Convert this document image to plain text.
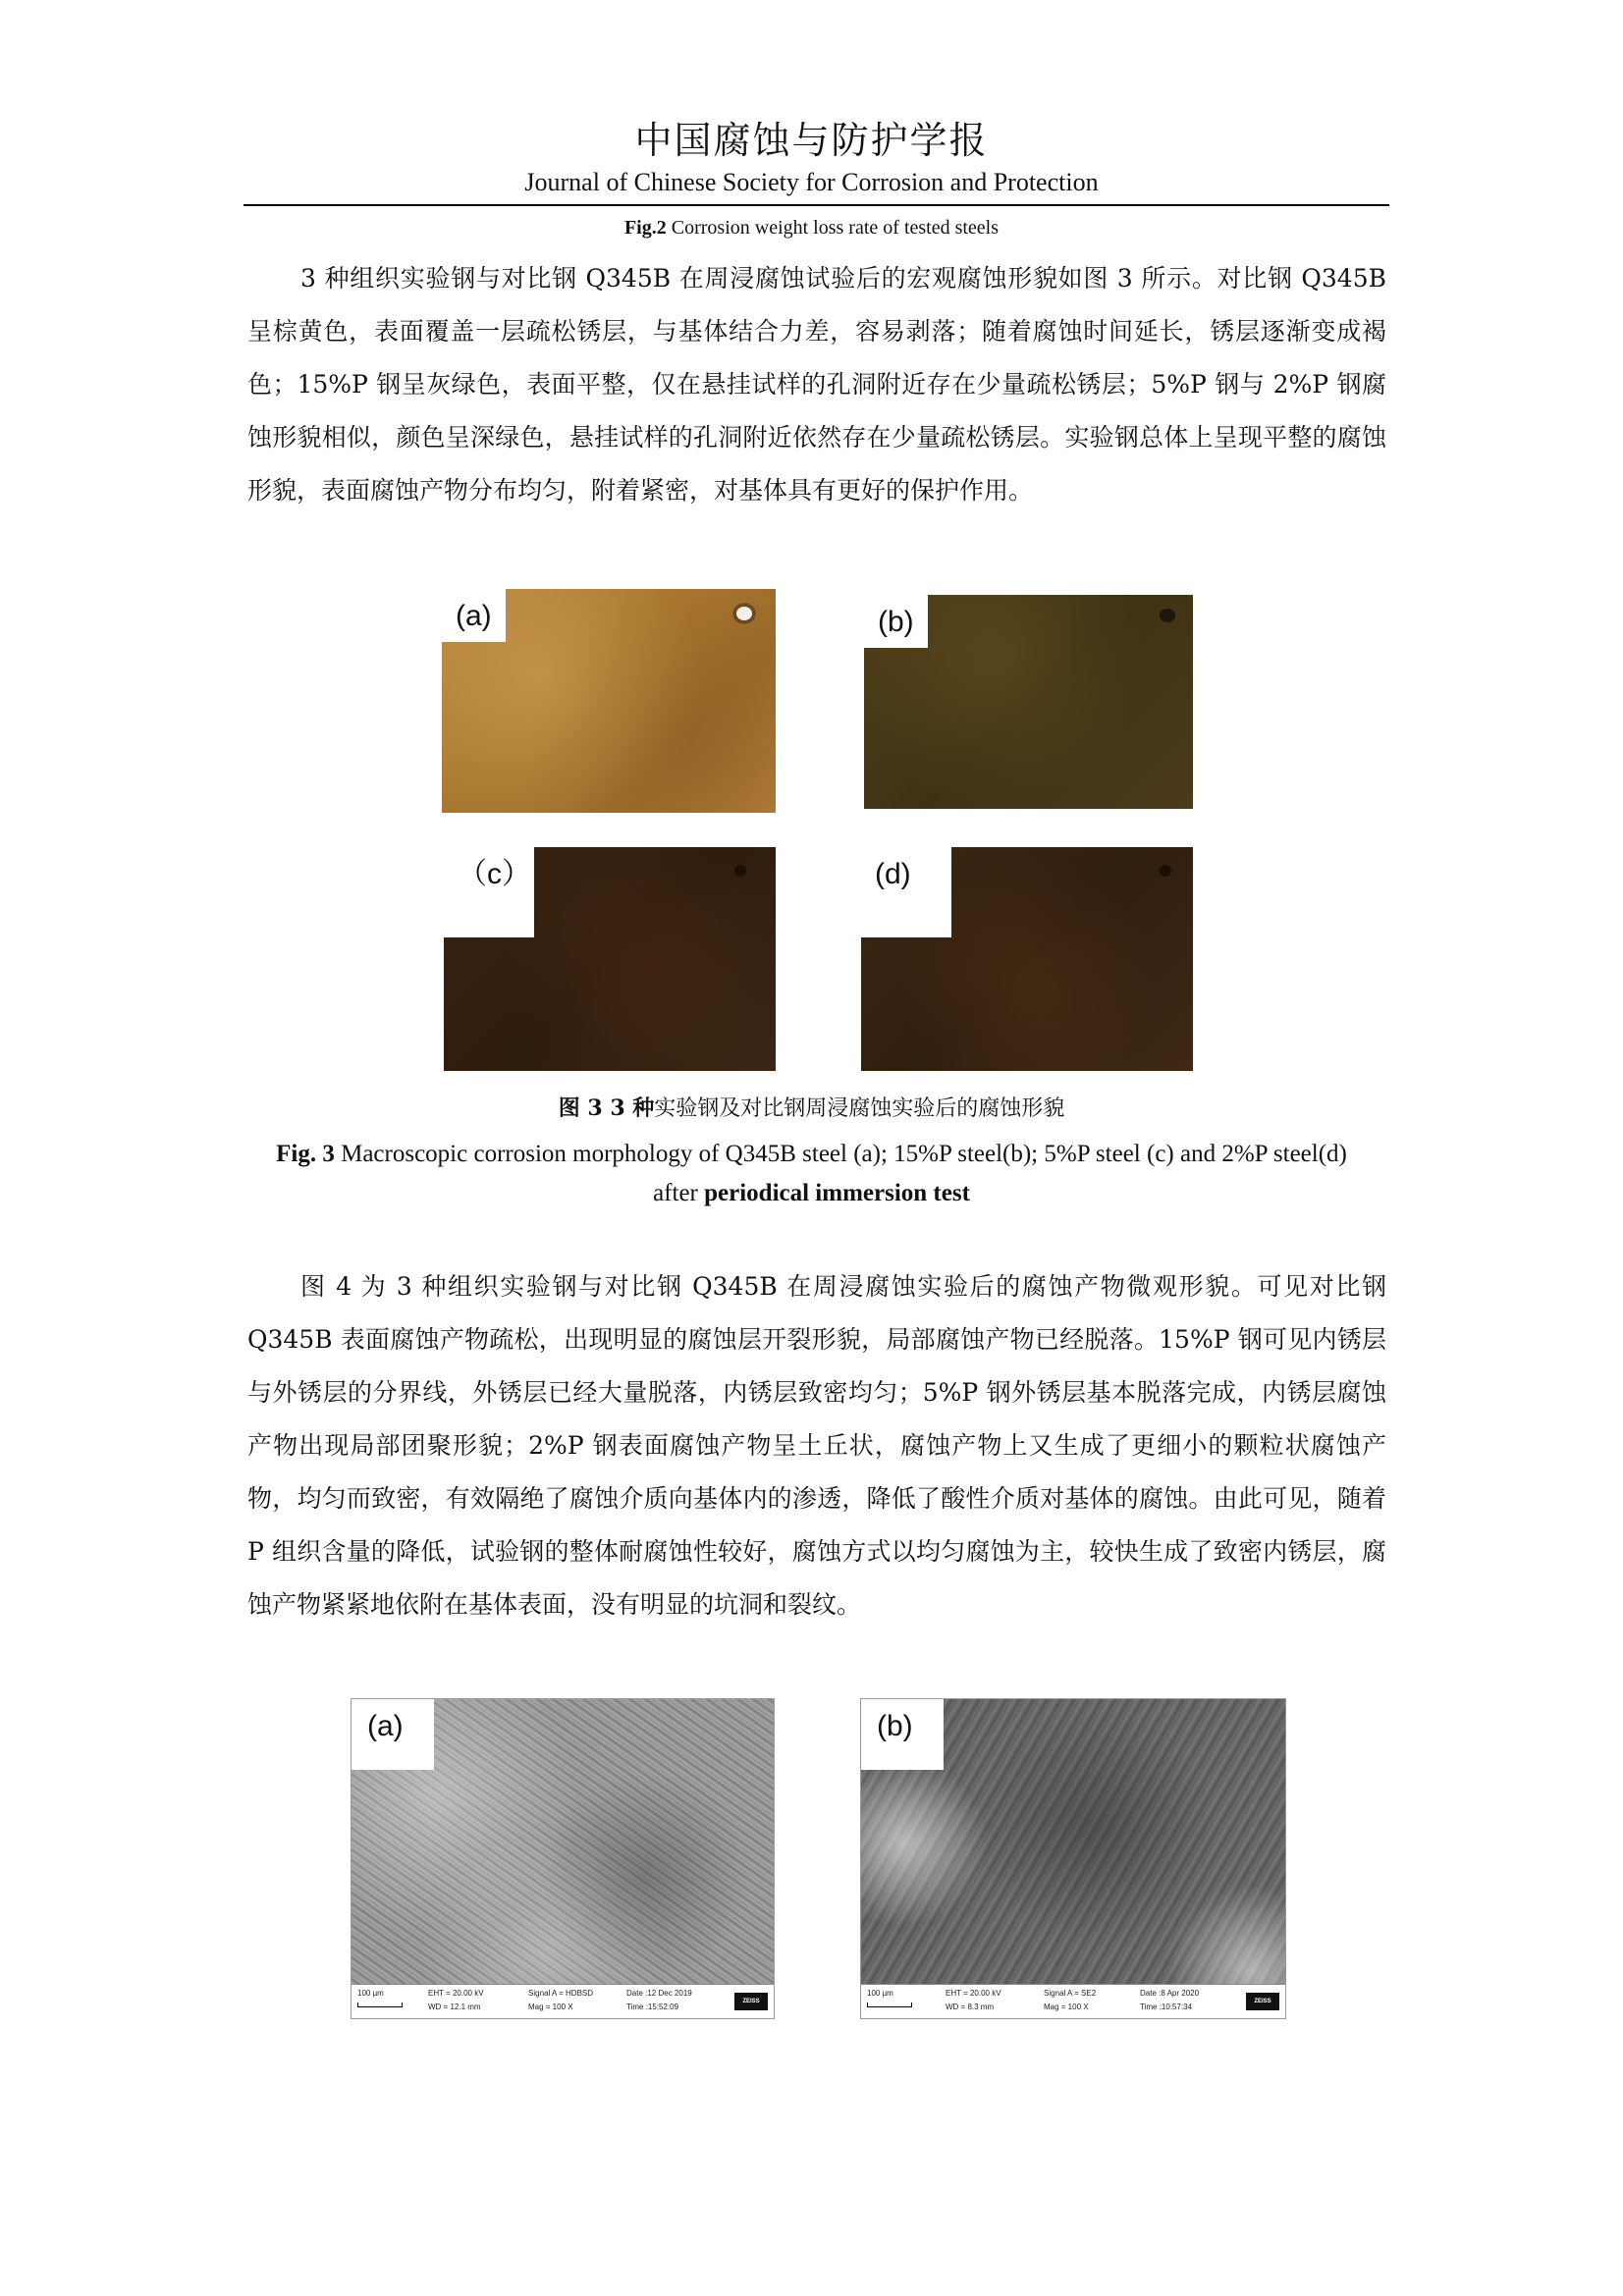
中国腐蚀与防护学报
Journal of Chinese Society for Corrosion and Protection
Fig.2 Corrosion weight loss rate of tested steels

3 种组织实验钢与对比钢 Q345B 在周浸腐蚀试验后的宏观腐蚀形貌如图 3 所示。对比钢 Q345B 呈棕黄色，表面覆盖一层疏松锈层，与基体结合力差，容易剥落；随着腐蚀时间延长，锈层逐渐变成褐色；15%P 钢呈灰绿色，表面平整，仅在悬挂试样的孔洞附近存在少量疏松锈层；5%P 钢与 2%P 钢腐蚀形貌相似，颜色呈深绿色，悬挂试样的孔洞附近依然存在少量疏松锈层。实验钢总体上呈现平整的腐蚀形貌，表面腐蚀产物分布均匀，附着紧密，对基体具有更好的保护作用。

(a)	(b)
（c）	(d)
图 3 3 种实验钢及对比钢周浸腐蚀实验后的腐蚀形貌
Fig. 3 Macroscopic corrosion morphology of Q345B steel (a); 15%P steel(b); 5%P steel (c) and 2%P steel(d) after periodical immersion test

图 4 为 3 种组织实验钢与对比钢 Q345B 在周浸腐蚀实验后的腐蚀产物微观形貌。可见对比钢 Q345B 表面腐蚀产物疏松，出现明显的腐蚀层开裂形貌，局部腐蚀产物已经脱落。15%P 钢可见内锈层与外锈层的分界线，外锈层已经大量脱落，内锈层致密均匀；5%P 钢外锈层基本脱落完成，内锈层腐蚀产物出现局部团聚形貌；2%P 钢表面腐蚀产物呈土丘状，腐蚀产物上又生成了更细小的颗粒状腐蚀产物，均匀而致密，有效隔绝了腐蚀介质向基体内的渗透，降低了酸性介质对基体的腐蚀。由此可见，随着 P 组织含量的降低，试验钢的整体耐腐蚀性较好，腐蚀方式以均匀腐蚀为主，较快生成了致密内锈层，腐蚀产物紧紧地依附在基体表面，没有明显的坑洞和裂纹。

(a)
100 µm	EHT = 20.00 kV
WD = 12.1 mm
Signal A = HDBSD
Mag = 100 X
Date :12 Dec 2019
Time :15:52:09
ZEISS
(b)
100 µm	EHT = 20.00 kV
WD = 8.3 mm
Signal A = SE2
Mag = 100 X
Date :8 Apr 2020
Time :10:57:34
ZEISS
